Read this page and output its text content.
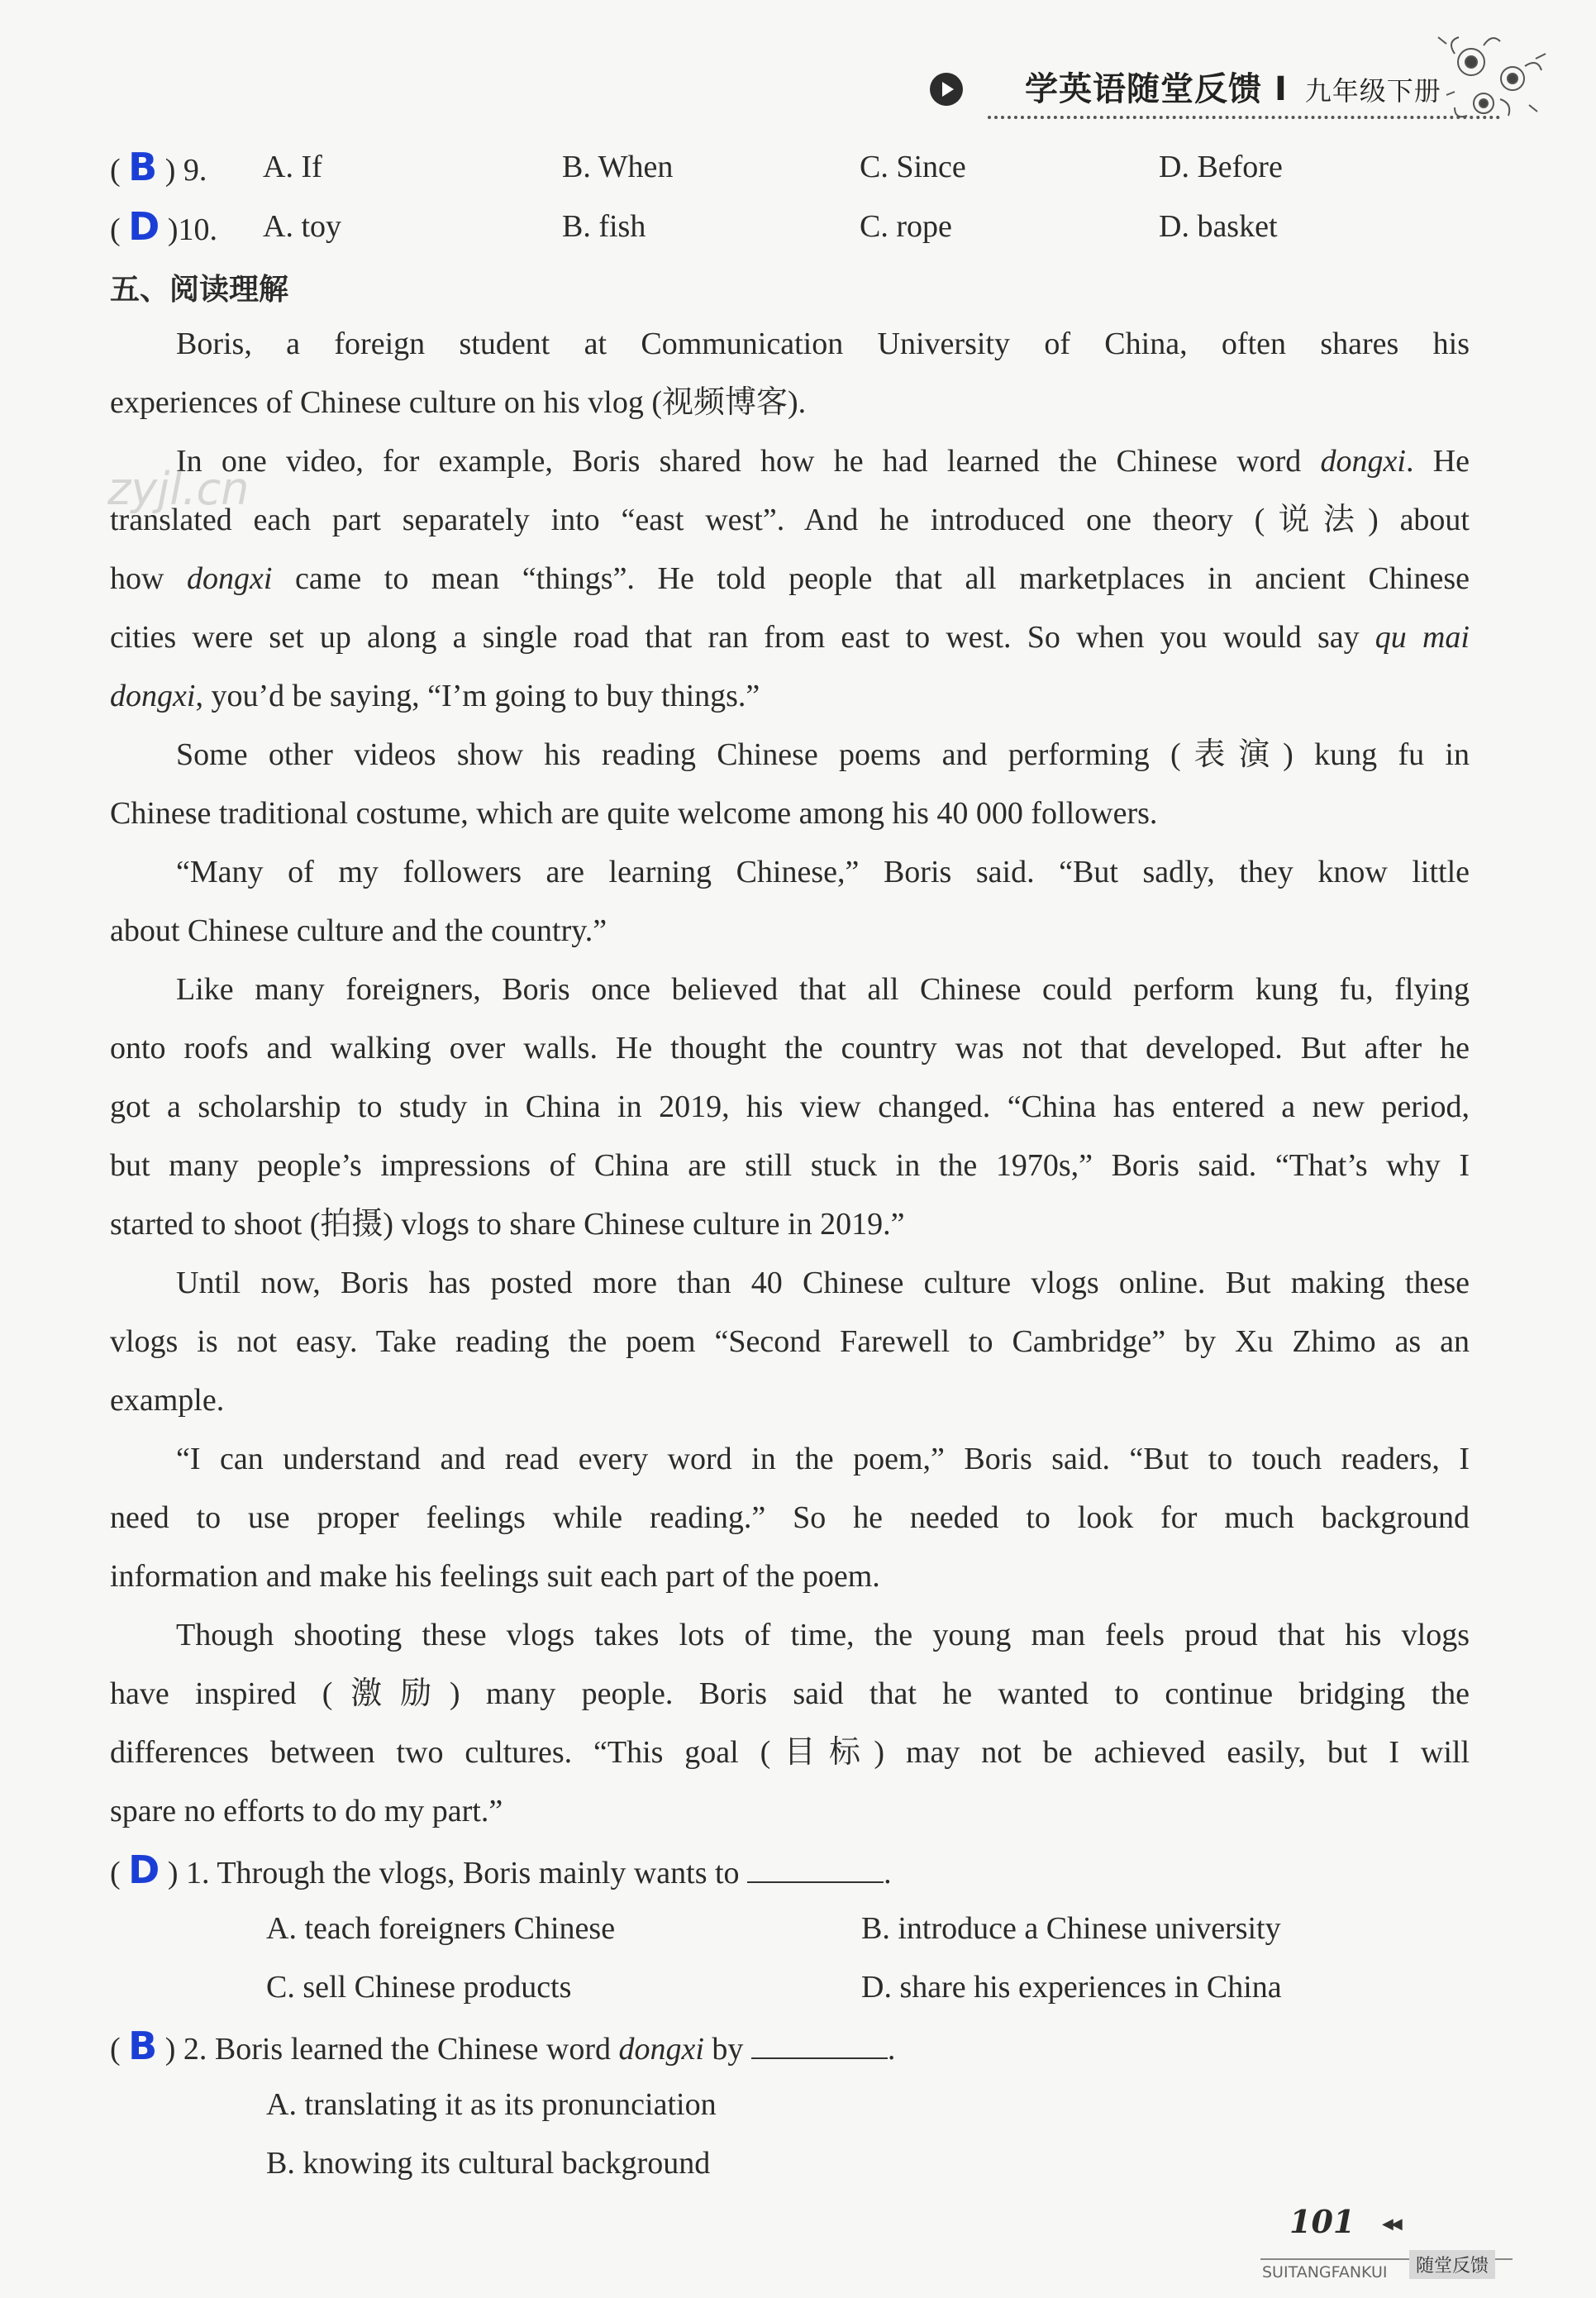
学英语随堂反馈 I 九年级下册
( B ) 9. A. If	B. When	C. Since	D. Before
( D )10. A. toy	B. fish	C. rope	D. basket
五、阅读理解
Boris, a foreign student at Communication University of China, often shares his
experiences of Chinese culture on his vlog (视频博客).
In one video, for example, Boris shared how he had learned the Chinese word dongxi. He
translated each part separately into “east west”. And he introduced one theory (说法) about
how dongxi came to mean “things”. He told people that all marketplaces in ancient Chinese
cities were set up along a single road that ran from east to west. So when you would say qu mai
dongxi, you’d be saying, “I’m going to buy things.”
Some other videos show his reading Chinese poems and performing (表演) kung fu in
Chinese traditional costume, which are quite welcome among his 40 000 followers.
“Many of my followers are learning Chinese,” Boris said. “But sadly, they know little
about Chinese culture and the country.”
Like many foreigners, Boris once believed that all Chinese could perform kung fu, flying
onto roofs and walking over walls. He thought the country was not that developed. But after he
got a scholarship to study in China in 2019, his view changed. “China has entered a new period,
but many people’s impressions of China are still stuck in the 1970s,” Boris said. “That’s why I
started to shoot (拍摄) vlogs to share Chinese culture in 2019.”
Until now, Boris has posted more than 40 Chinese culture vlogs online. But making these
vlogs is not easy. Take reading the poem “Second Farewell to Cambridge” by Xu Zhimo as an
example.
“I can understand and read every word in the poem,” Boris said. “But to touch readers, I
need to use proper feelings while reading.” So he needed to look for much background
information and make his feelings suit each part of the poem.
Though shooting these vlogs takes lots of time, the young man feels proud that his vlogs
have inspired (激励) many people. Boris said that he wanted to continue bridging the
differences between two cultures. “This goal (目标) may not be achieved easily, but I will
spare no efforts to do my part.”
( D ) 1. Through the vlogs, Boris mainly wants to	.
A. teach foreigners Chinese	B. introduce a Chinese university
C. sell Chinese products	D. share his experiences in China
( B ) 2. Boris learned the Chinese word dongxi by	.
A. translating it as its pronunciation
B. knowing its cultural background
zyjl.cn
101 ◀◀
SUITANGFANKUI	随堂反馈
